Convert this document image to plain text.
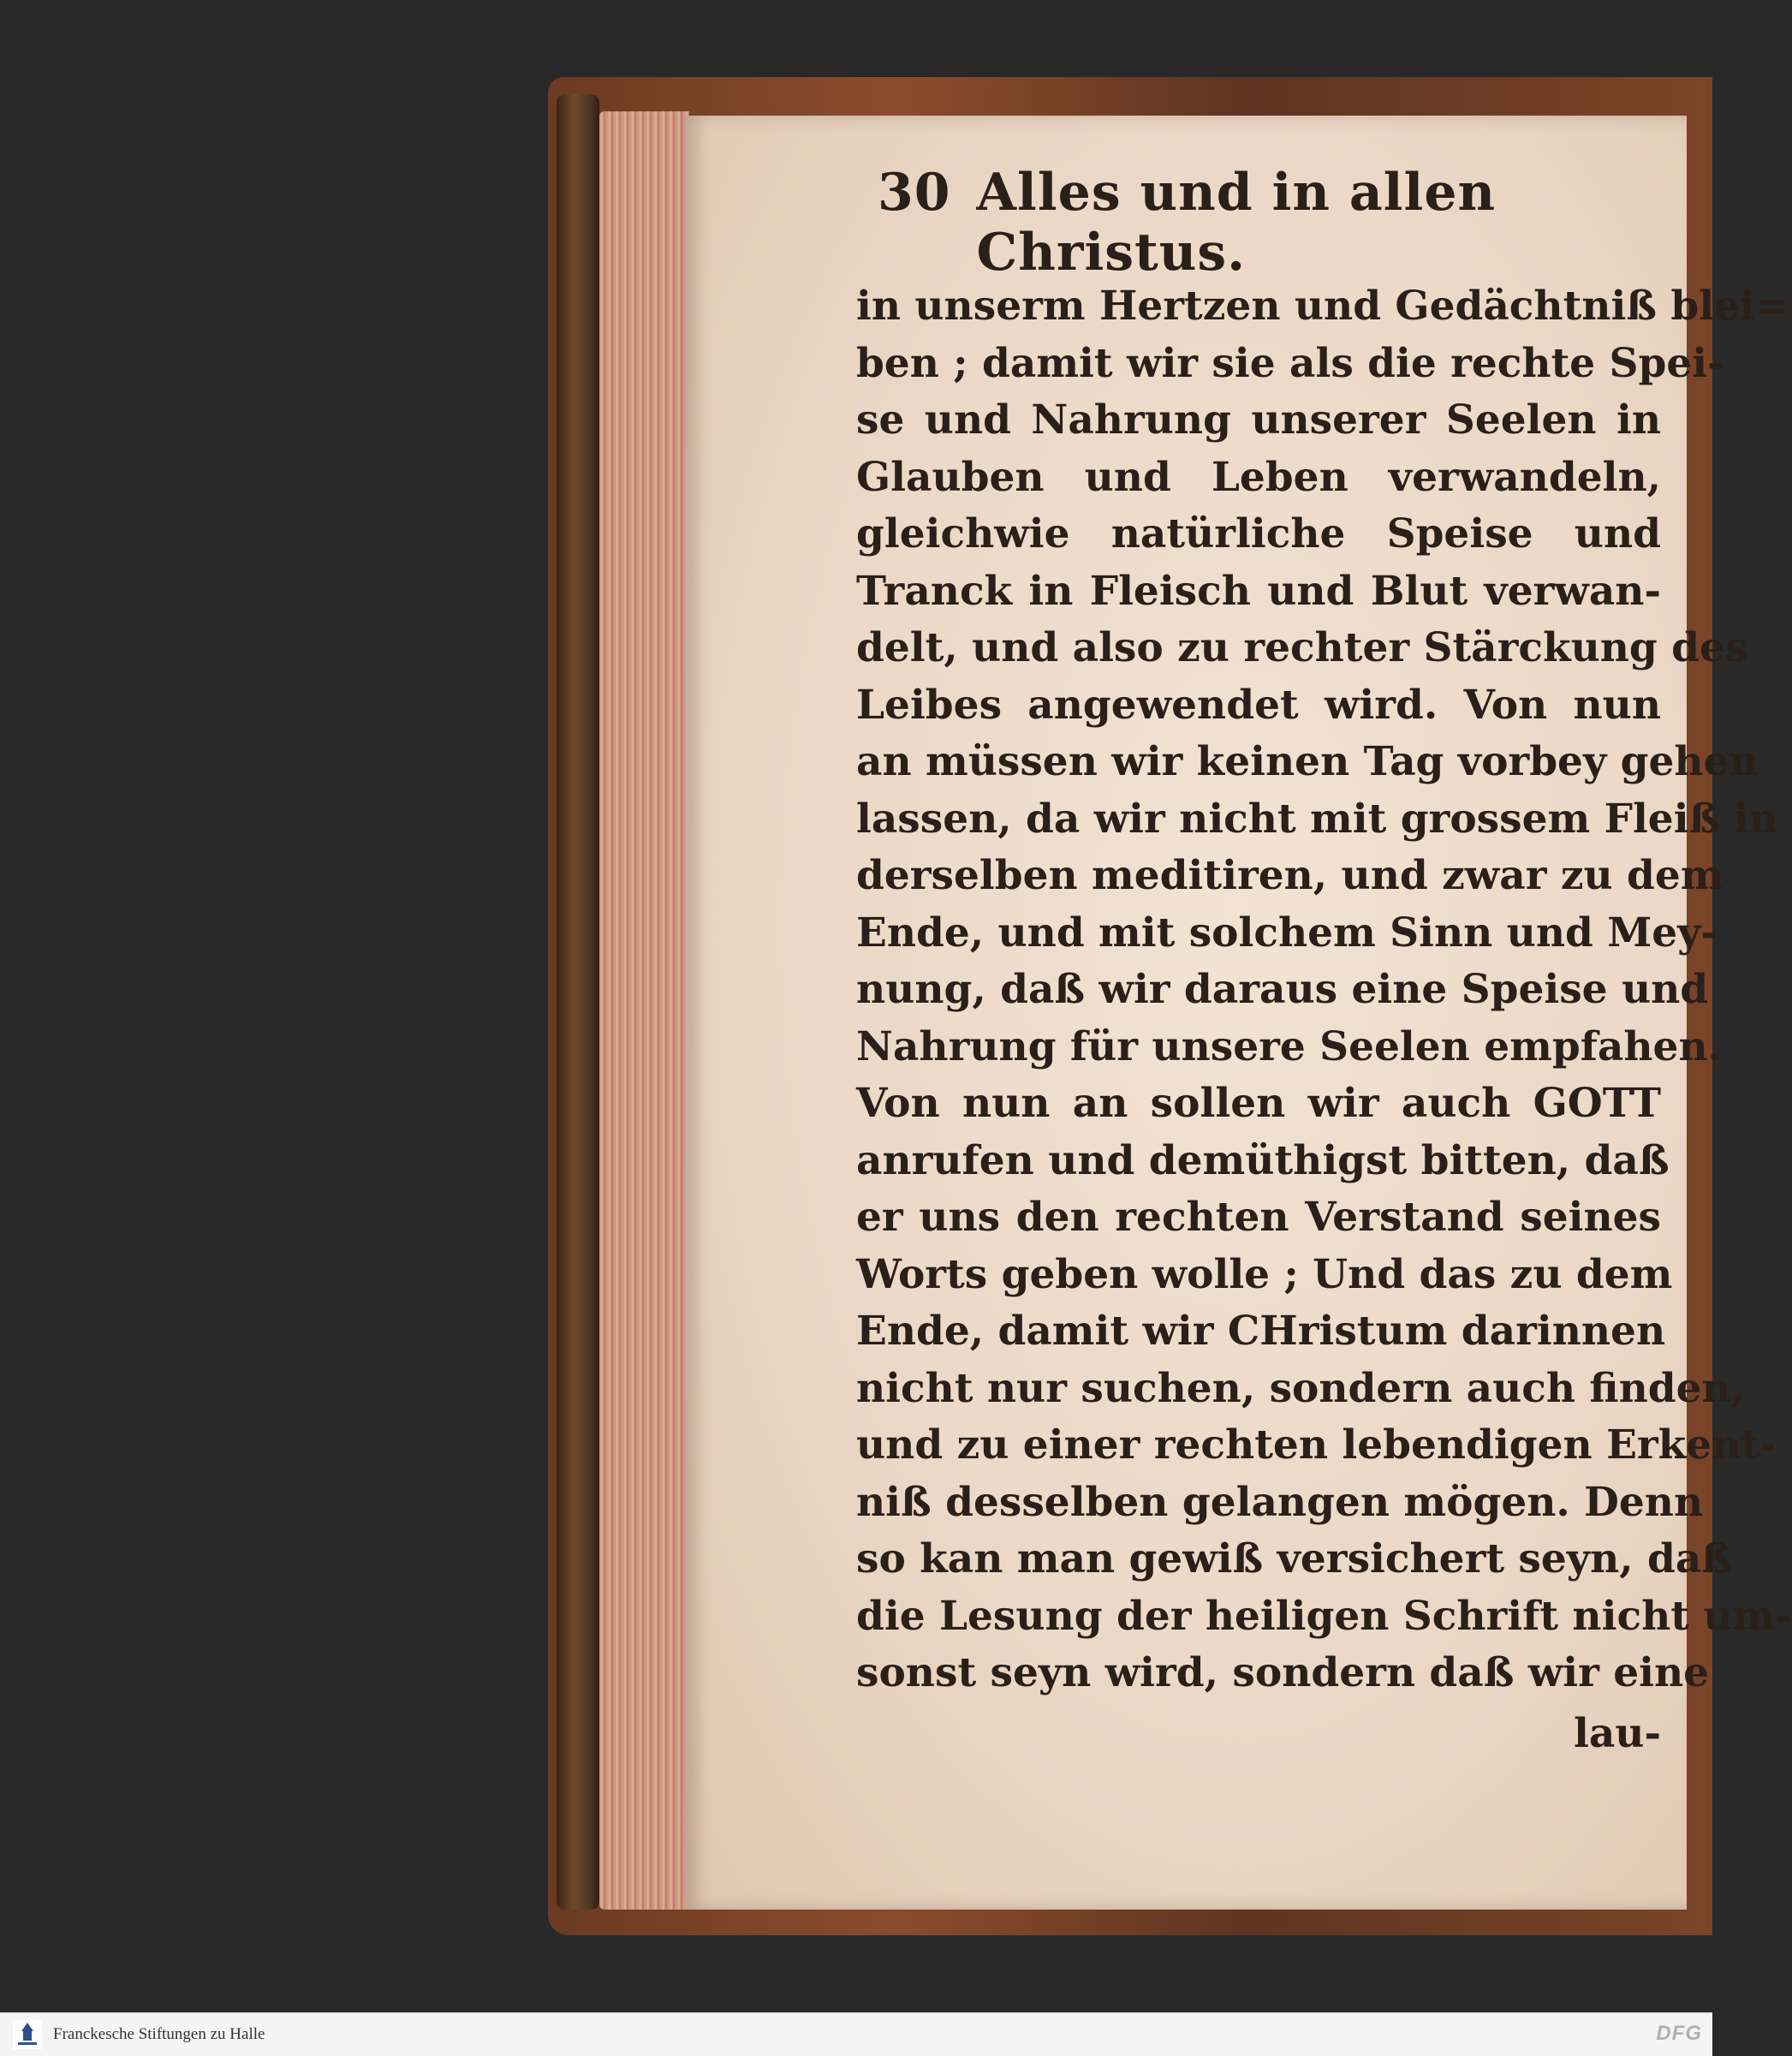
30 Alles und in allen Christus.
in unserm Hertzen und Gedächtniß blei=
ben ; damit wir sie als die rechte Spei-
se und Nahrung unserer Seelen in
Glauben und Leben verwandeln,
gleichwie natürliche Speise und
Tranck in Fleisch und Blut verwan-
delt, und also zu rechter Stärckung des
Leibes angewendet wird. Von nun
an müssen wir keinen Tag vorbey gehen
lassen, da wir nicht mit grossem Fleiß in
derselben meditiren, und zwar zu dem
Ende, und mit solchem Sinn und Mey-
nung, daß wir daraus eine Speise und
Nahrung für unsere Seelen empfahen.
Von nun an sollen wir auch GOTT
anrufen und demüthigst bitten, daß
er uns den rechten Verstand seines
Worts geben wolle ; Und das zu dem
Ende, damit wir CHristum darinnen
nicht nur suchen, sondern auch finden,
und zu einer rechten lebendigen Erkent-
niß desselben gelangen mögen. Denn
so kan man gewiß versichert seyn, daß
die Lesung der heiligen Schrift nicht um-
sonst seyn wird, sondern daß wir eine
lau-
Franckesche Stiftungen zu Halle	DFG
